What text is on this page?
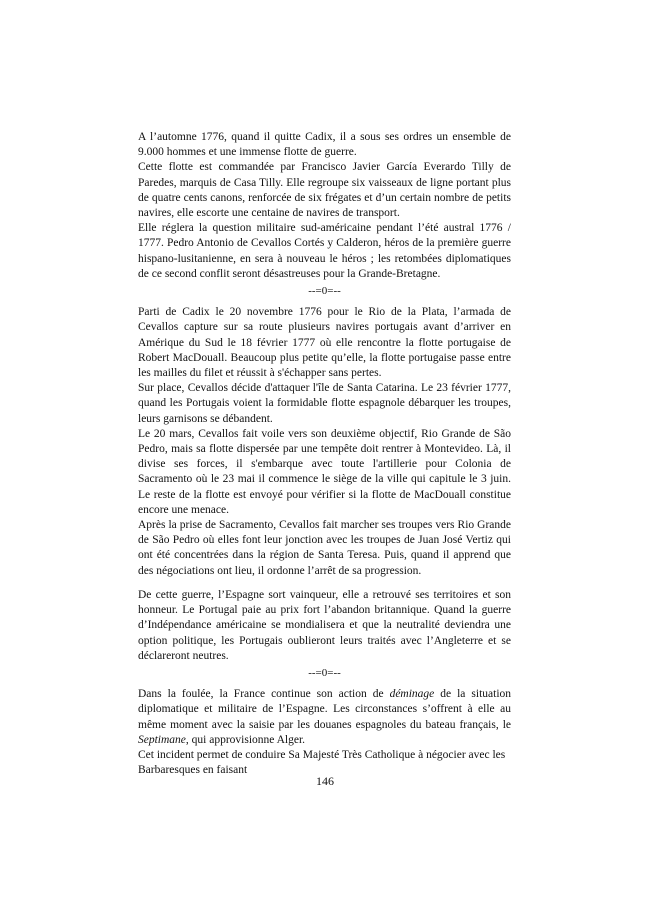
A l’automne 1776, quand il quitte Cadix, il a sous ses ordres un ensemble de 9.000 hommes et une immense flotte de guerre.

Cette flotte est commandée par Francisco Javier García Everardo Tilly de Paredes, marquis de Casa Tilly. Elle regroupe six vaisseaux de ligne portant plus de quatre cents canons, renforcée de six frégates et d’un certain nombre de petits navires, elle escorte une centaine de navires de transport.

Elle réglera la question militaire sud-américaine pendant l’été austral 1776 / 1777. Pedro Antonio de Cevallos Cortés y Calderon, héros de la première guerre hispano-lusitanienne, en sera à nouveau le héros ; les retombées diplomatiques de ce second conflit seront désastreuses pour la Grande-Bretagne.

--=0=--

Parti de Cadix le 20 novembre 1776 pour le Rio de la Plata, l’armada de Cevallos capture sur sa route plusieurs navires portugais avant d’arriver en Amérique du Sud le 18 février 1777 où elle rencontre la flotte portugaise de Robert MacDouall. Beaucoup plus petite qu’elle, la flotte portugaise passe entre les mailles du filet et réussit à s'échapper sans pertes.

Sur place, Cevallos décide d'attaquer l'île de Santa Catarina. Le 23 février 1777, quand les Portugais voient la formidable flotte espagnole débarquer les troupes, leurs garnisons se débandent.

Le 20 mars, Cevallos fait voile vers son deuxième objectif, Rio Grande de São Pedro, mais sa flotte dispersée par une tempête doit rentrer à Montevideo. Là, il divise ses forces, il s'embarque avec toute l'artillerie pour Colonia de Sacramento où le 23 mai il commence le siège de la ville qui capitule le 3 juin. Le reste de la flotte est envoyé pour vérifier si la flotte de MacDouall constitue encore une menace.

Après la prise de Sacramento, Cevallos fait marcher ses troupes vers Rio Grande de São Pedro où elles font leur jonction avec les troupes de Juan José Vertiz qui ont été concentrées dans la région de Santa Teresa. Puis, quand il apprend que des négociations ont lieu, il ordonne l’arrêt de sa progression.

De cette guerre, l’Espagne sort vainqueur, elle a retrouvé ses territoires et son honneur. Le Portugal paie au prix fort l’abandon britannique. Quand la guerre d’Indépendance américaine se mondialisera et que la neutralité deviendra une option politique, les Portugais oublieront leurs traités avec l’Angleterre et se déclareront neutres.

--=0=--

Dans la foulée, la France continue son action de déminage de la situation diplomatique et militaire de l’Espagne. Les circonstances s’offrent à elle au même moment avec la saisie par les douanes espagnoles du bateau français, le Septimane, qui approvisionne Alger.

Cet incident permet de conduire Sa Majesté Très Catholique à négocier avec les Barbaresques en faisant

146
